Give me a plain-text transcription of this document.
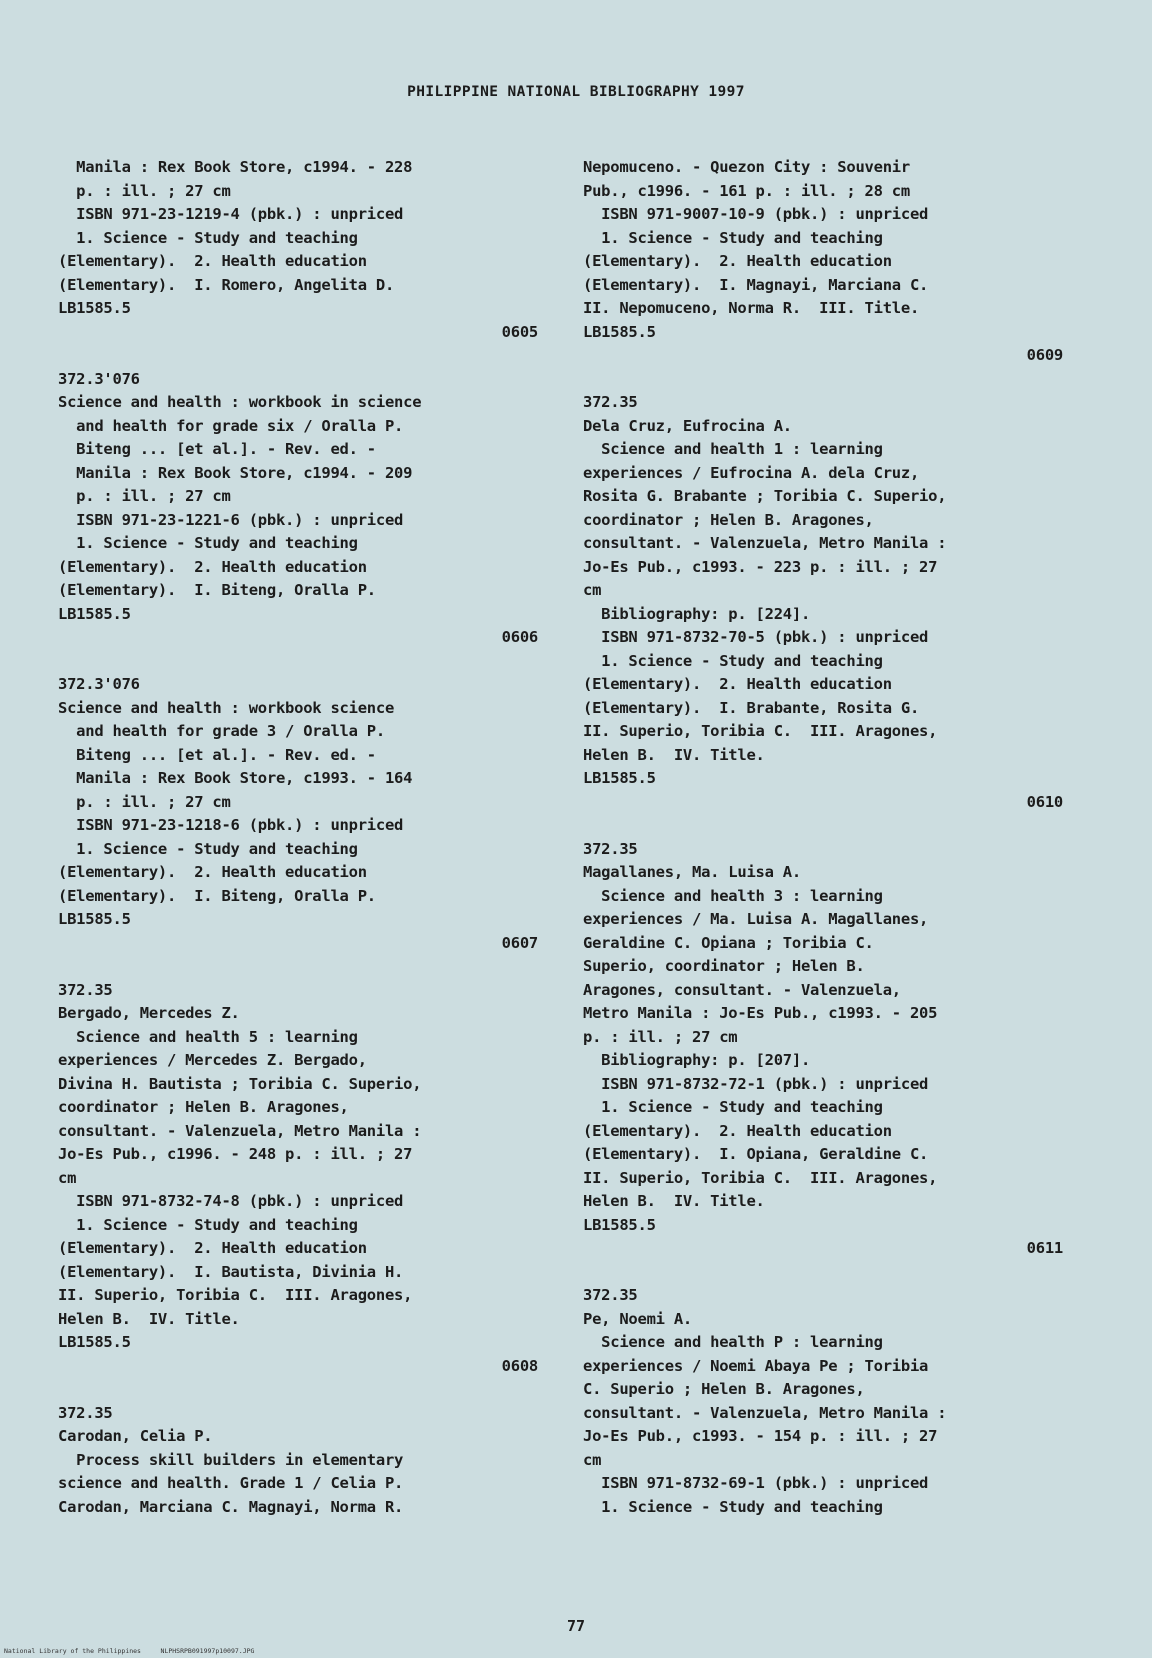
PHILIPPINE NATIONAL BIBLIOGRAPHY 1997
Manila : Rex Book Store, c1994. - 228
p. : ill. ; 27 cm
ISBN 971-23-1219-4 (pbk.) : unpriced
1. Science - Study and teaching
(Elementary).  2. Health education
(Elementary).  I. Romero, Angelita D.
LB1585.5
0605
372.3'076
Science and health : workbook in science
and health for grade six / Oralla P.
Biteng ... [et al.]. - Rev. ed. -
Manila : Rex Book Store, c1994. - 209
p. : ill. ; 27 cm
ISBN 971-23-1221-6 (pbk.) : unpriced
1. Science - Study and teaching
(Elementary).  2. Health education
(Elementary).  I. Biteng, Oralla P.
LB1585.5
0606
372.3'076
Science and health : workbook science
and health for grade 3 / Oralla P.
Biteng ... [et al.]. - Rev. ed. -
Manila : Rex Book Store, c1993. - 164
p. : ill. ; 27 cm
ISBN 971-23-1218-6 (pbk.) : unpriced
1. Science - Study and teaching
(Elementary).  2. Health education
(Elementary).  I. Biteng, Oralla P.
LB1585.5
0607
372.35
Bergado, Mercedes Z.
Science and health 5 : learning
experiences / Mercedes Z. Bergado,
Divina H. Bautista ; Toribia C. Superio,
coordinator ; Helen B. Aragones,
consultant. - Valenzuela, Metro Manila :
Jo-Es Pub., c1996. - 248 p. : ill. ; 27
cm
ISBN 971-8732-74-8 (pbk.) : unpriced
1. Science - Study and teaching
(Elementary).  2. Health education
(Elementary).  I. Bautista, Divinia H.
II. Superio, Toribia C.  III. Aragones,
Helen B.  IV. Title.
LB1585.5
0608
372.35
Carodan, Celia P.
Process skill builders in elementary
science and health. Grade 1 / Celia P.
Carodan, Marciana C. Magnayi, Norma R.
Nepomuceno. - Quezon City : Souvenir
Pub., c1996. - 161 p. : ill. ; 28 cm
ISBN 971-9007-10-9 (pbk.) : unpriced
1. Science - Study and teaching
(Elementary).  2. Health education
(Elementary).  I. Magnayi, Marciana C.
II. Nepomuceno, Norma R.  III. Title.
LB1585.5
0609
372.35
Dela Cruz, Eufrocina A.
Science and health 1 : learning
experiences / Eufrocina A. dela Cruz,
Rosita G. Brabante ; Toribia C. Superio,
coordinator ; Helen B. Aragones,
consultant. - Valenzuela, Metro Manila :
Jo-Es Pub., c1993. - 223 p. : ill. ; 27
cm
Bibliography: p. [224].
ISBN 971-8732-70-5 (pbk.) : unpriced
1. Science - Study and teaching
(Elementary).  2. Health education
(Elementary).  I. Brabante, Rosita G.
II. Superio, Toribia C.  III. Aragones,
Helen B.  IV. Title.
LB1585.5
0610
372.35
Magallanes, Ma. Luisa A.
Science and health 3 : learning
experiences / Ma. Luisa A. Magallanes,
Geraldine C. Opiana ; Toribia C.
Superio, coordinator ; Helen B.
Aragones, consultant. - Valenzuela,
Metro Manila : Jo-Es Pub., c1993. - 205
p. : ill. ; 27 cm
Bibliography: p. [207].
ISBN 971-8732-72-1 (pbk.) : unpriced
1. Science - Study and teaching
(Elementary).  2. Health education
(Elementary).  I. Opiana, Geraldine C.
II. Superio, Toribia C.  III. Aragones,
Helen B.  IV. Title.
LB1585.5
0611
372.35
Pe, Noemi A.
Science and health P : learning
experiences / Noemi Abaya Pe ; Toribia
C. Superio ; Helen B. Aragones,
consultant. - Valenzuela, Metro Manila :
Jo-Es Pub., c1993. - 154 p. : ill. ; 27
cm
ISBN 971-8732-69-1 (pbk.) : unpriced
1. Science - Study and teaching
77
National Library of the Philippines     NLPHSRPB091997p10097.JPG
